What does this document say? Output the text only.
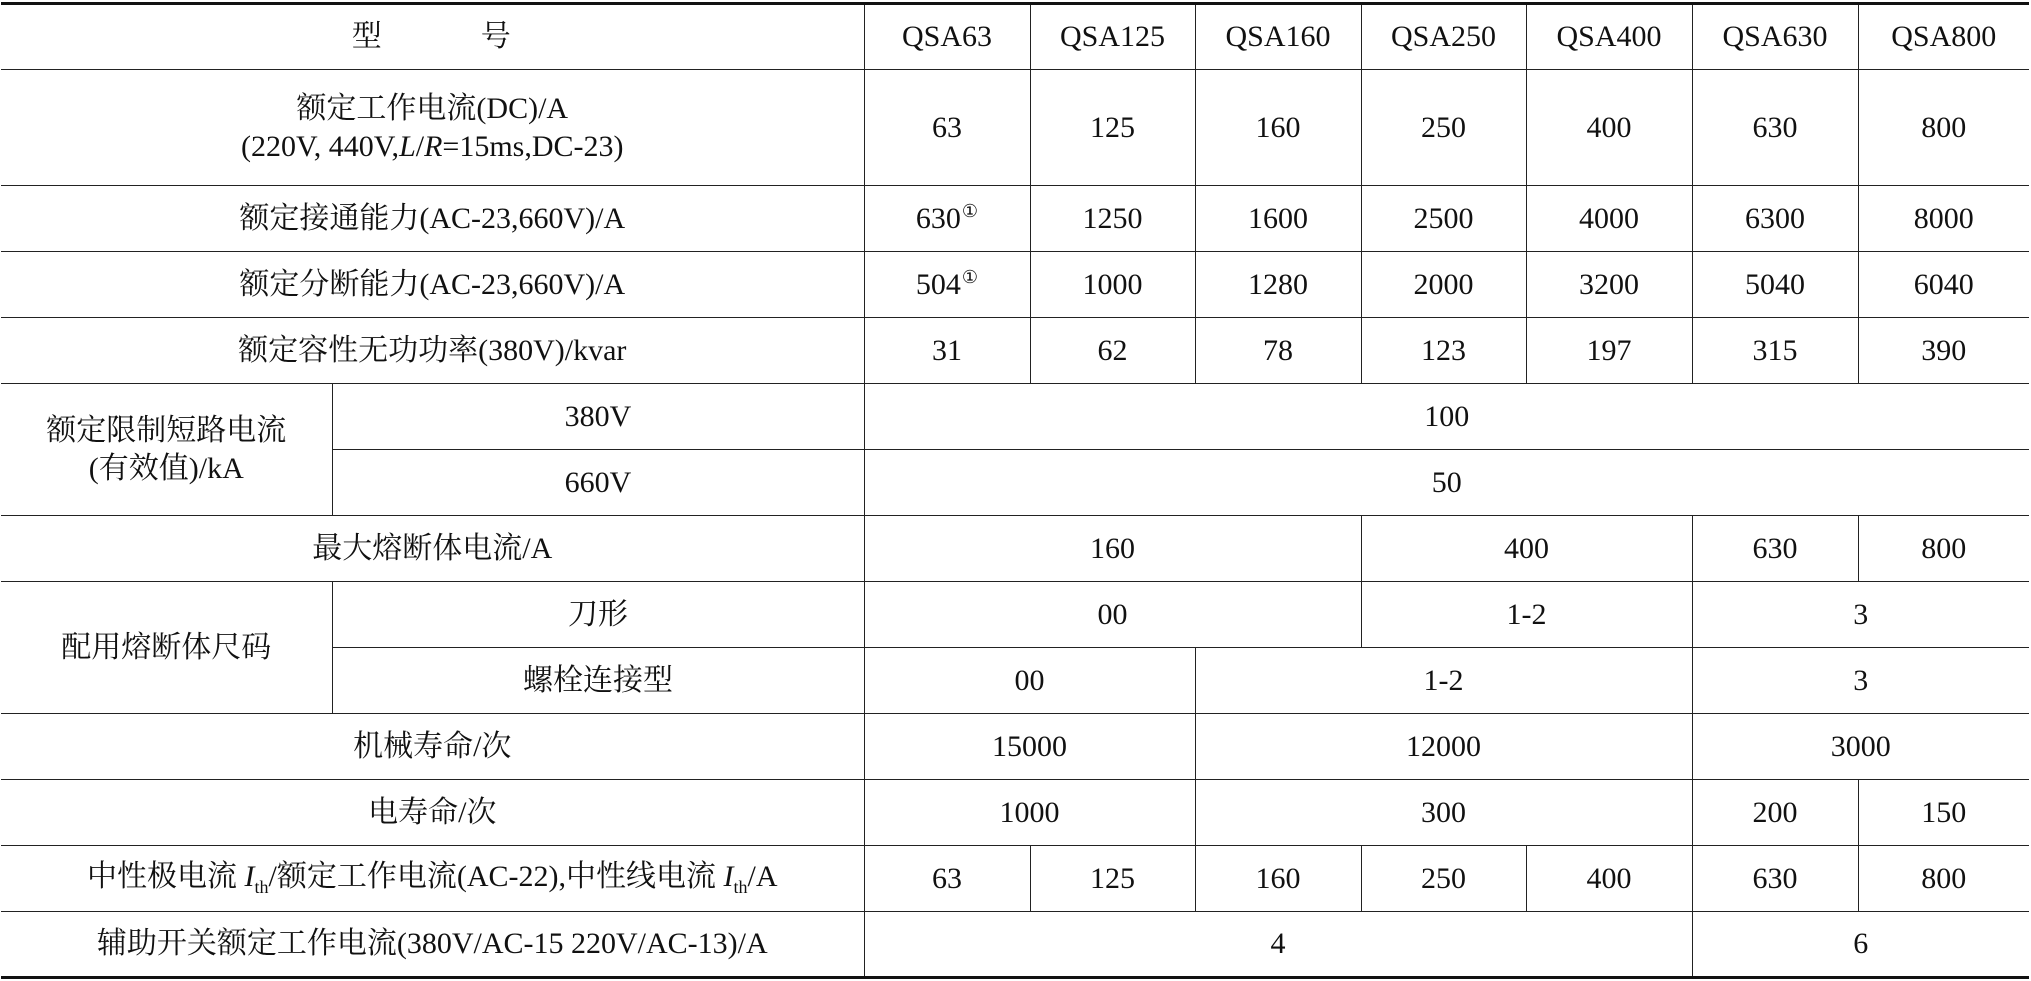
型 号		QSA63	QSA125	QSA160	QSA250	QSA400	QSA630	QSA800

额定工作电流(DC)/A
(220V, 440V,L/R=15ms,DC-23)		63	125	160	250	400	630	800
额定接通能力(AC-23,660V)/A		630①	1250	1600	2500	4000	6300	8000
额定分断能力(AC-23,660V)/A		504①	1000	1280	2000	3200	5040	6040
额定容性无功功率(380V)/kvar		31	62	78	123	197	315	390

额定限制短路电流
(有效值)/kA	380V	100						
	660V	50						
最大熔断体电流/A		160			400		630	800
配用熔断体尺码	刀形	00			1-2		3	
	螺栓连接型	00		1-2			3	
机械寿命/次		15000		12000			3000	
电寿命/次		1000		300			200	150
中性极电流 $I_{th}/$额定工作电流(AC-22),中性线电流 $I_{th}/A$		63	125	160	250	400	630	800
辅助开关额定工作电流(380V/AC-15 220V/AC-13)/A		4					6	
